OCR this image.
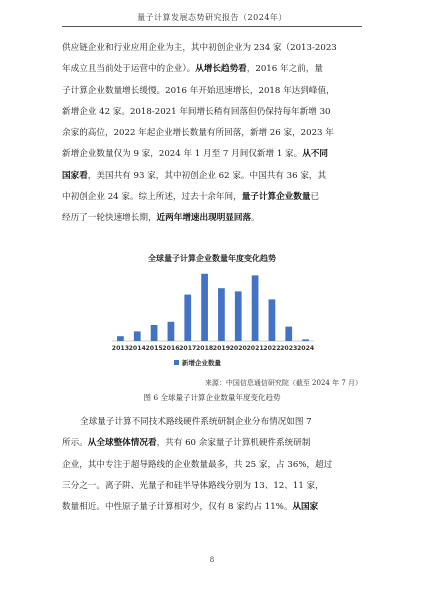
量子计算发展态势研究报告（2024年）

供应链企业和行业应用企业为主，其中初创企业为 234 家（2013-2023
年成立且当前处于运营中的企业）。从增长趋势看，2016 年之前，量
子计算企业数量增长缓慢。2016 年开始迅速增长，2018 年达到峰值，
新增企业 42 家。2018-2021 年间增长稍有回落但仍保持每年新增 30
余家的高位，2022 年起企业增长数量有所回落，新增 26 家，2023 年
新增企业数量仅为 9 家，2024 年 1 月至 7 月间仅新增 1 家。从不同
国家看，美国共有 93 家，其中初创企业 62 家。中国共有 36 家，其
中初创企业 24 家。综上所述，过去十余年间，量子计算企业数量已
经历了一轮快速增长期，近两年增速出现明显回落。

全球量子计算企业数量年度变化趋势
2013 2014 2015 2016 2017 2018 2019 2020 2021 2022 2023 2024
新增企业数量
来源：中国信息通信研究院（截至 2024 年 7 月）
图 6 全球量子计算企业数量年度变化趋势

全球量子计算不同技术路线硬件系统研制企业分布情况如图 7
所示。从全球整体情况看，共有 60 余家量子计算机硬件系统研制
企业，其中专注于超导路线的企业数量最多，共 25 家，占 36%，超过
三分之一。离子阱、光量子和硅半导体路线分别为 13、12、11 家，
数量相近。中性原子量子计算相对少，仅有 8 家约占 11%。从国家

8
